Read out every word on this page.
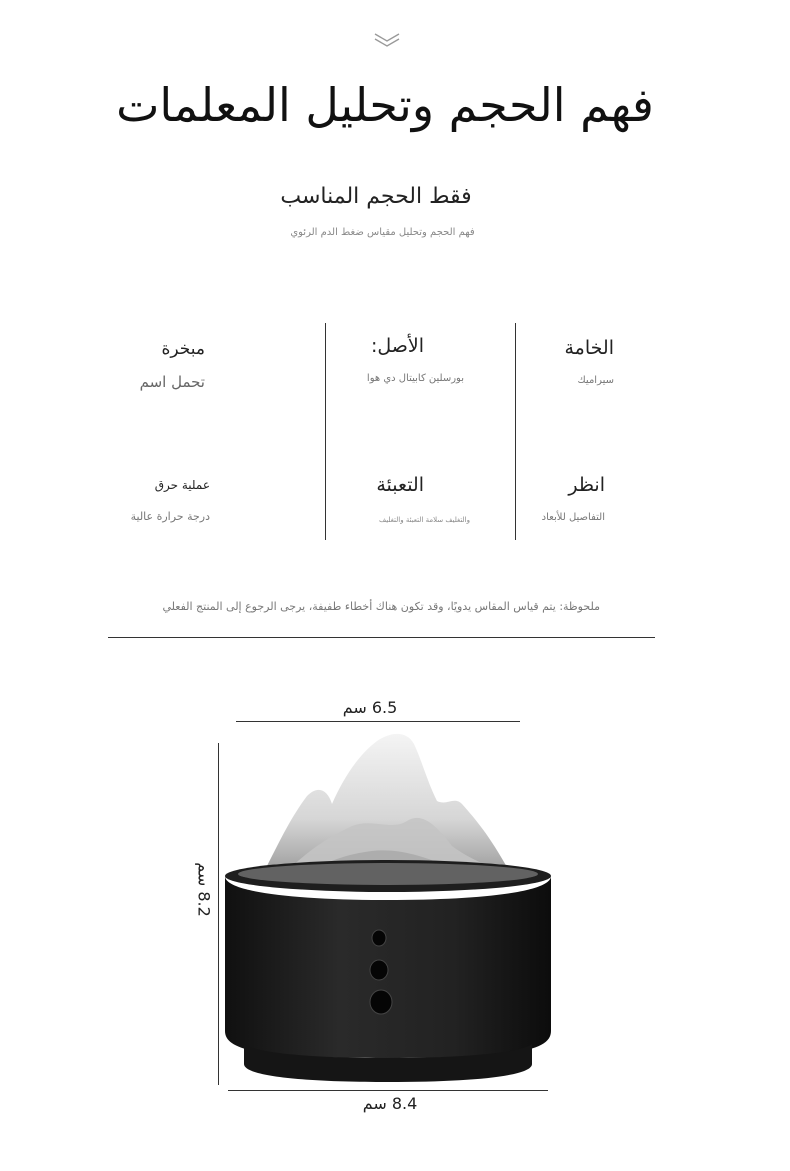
فهم الحجم وتحليل المعلمات
فقط الحجم المناسب
فهم الحجم وتحليل مقياس ضغط الدم الرئوي
الخامة
سيراميك
الأصل:
بورسلين كابيتال دي هوا
مبخرة
تحمل اسم
انظر
التفاصيل للأبعاد
التعبئة
والتغليف سلامة التعبئة والتغليف
عملية حرق
درجة حرارة عالية
ملحوظة: يتم قياس المقاس يدويًا، وقد تكون هناك أخطاء طفيفة، يرجى الرجوع إلى المنتج الفعلي
6.5 سم
8.2 سم
8.4 سم
